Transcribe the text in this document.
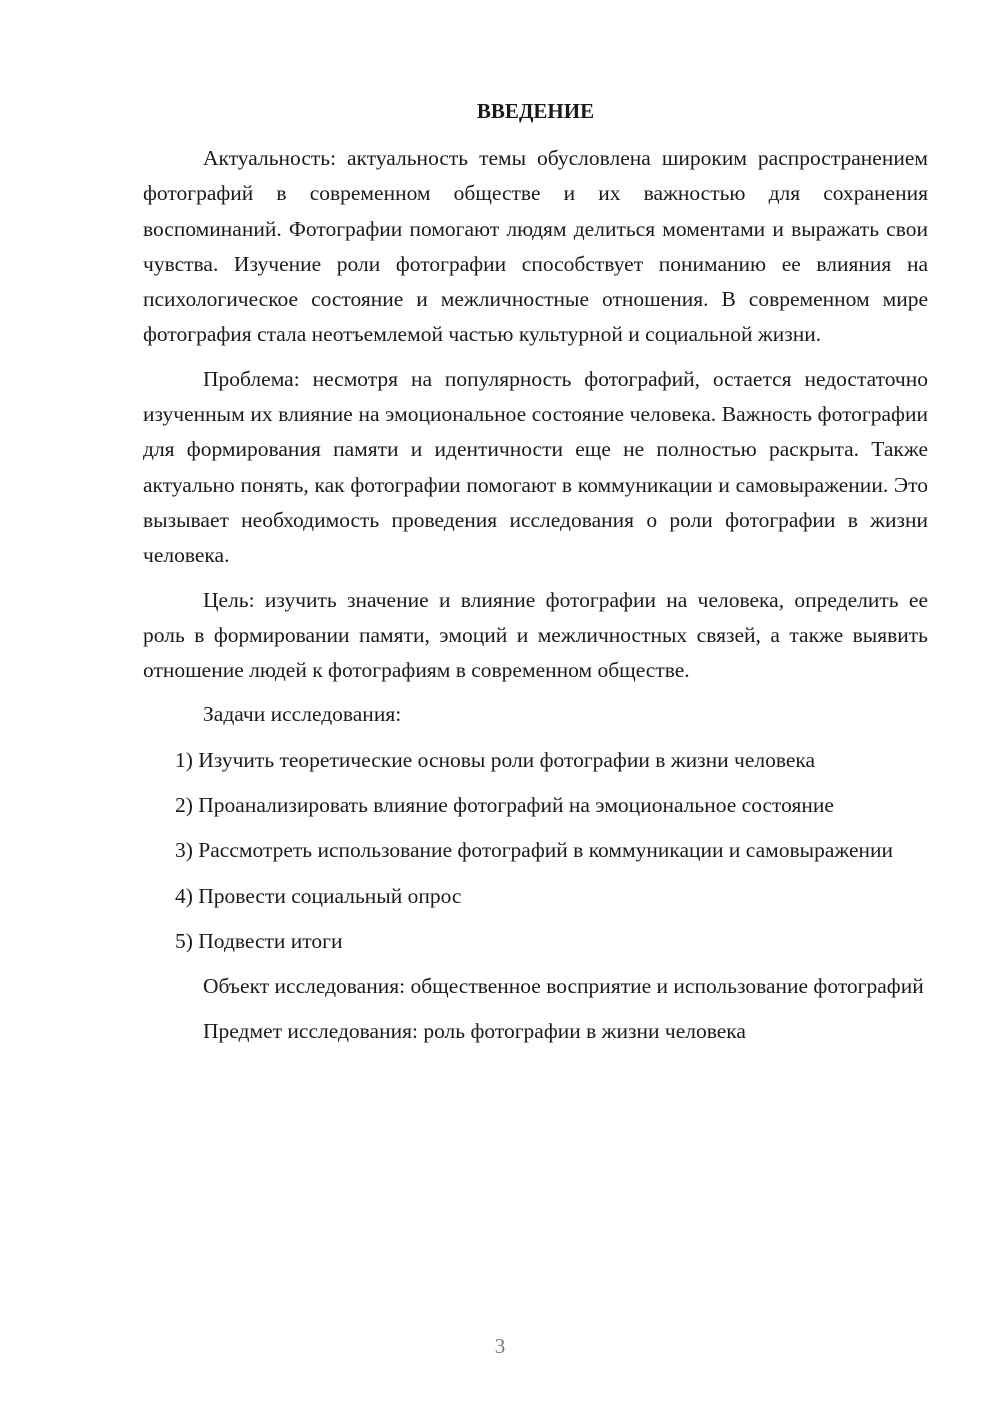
ВВЕДЕНИЕ

Актуальность: актуальность темы обусловлена широким распространением фотографий в современном обществе и их важностью для сохранения воспоминаний. Фотографии помогают людям делиться моментами и выражать свои чувства. Изучение роли фотографии способствует пониманию ее влияния на психологическое состояние и межличностные отношения. В современном мире фотография стала неотъемлемой частью культурной и социальной жизни.

Проблема: несмотря на популярность фотографий, остается недостаточно изученным их влияние на эмоциональное состояние человека. Важность фотографии для формирования памяти и идентичности еще не полностью раскрыта. Также актуально понять, как фотографии помогают в коммуникации и самовыражении. Это вызывает необходимость проведения исследования о роли фотографии в жизни человека.

Цель: изучить значение и влияние фотографии на человека, определить ее роль в формировании памяти, эмоций и межличностных связей, а также выявить отношение людей к фотографиям в современном обществе.

Задачи исследования:

1) Изучить теоретические основы роли фотографии в жизни человека

2) Проанализировать влияние фотографий на эмоциональное состояние

3) Рассмотреть использование фотографий в коммуникации и самовыражении

4) Провести социальный опрос

5) Подвести итоги

Объект исследования: общественное восприятие и использование фотографий

Предмет исследования: роль фотографии в жизни человека

3
